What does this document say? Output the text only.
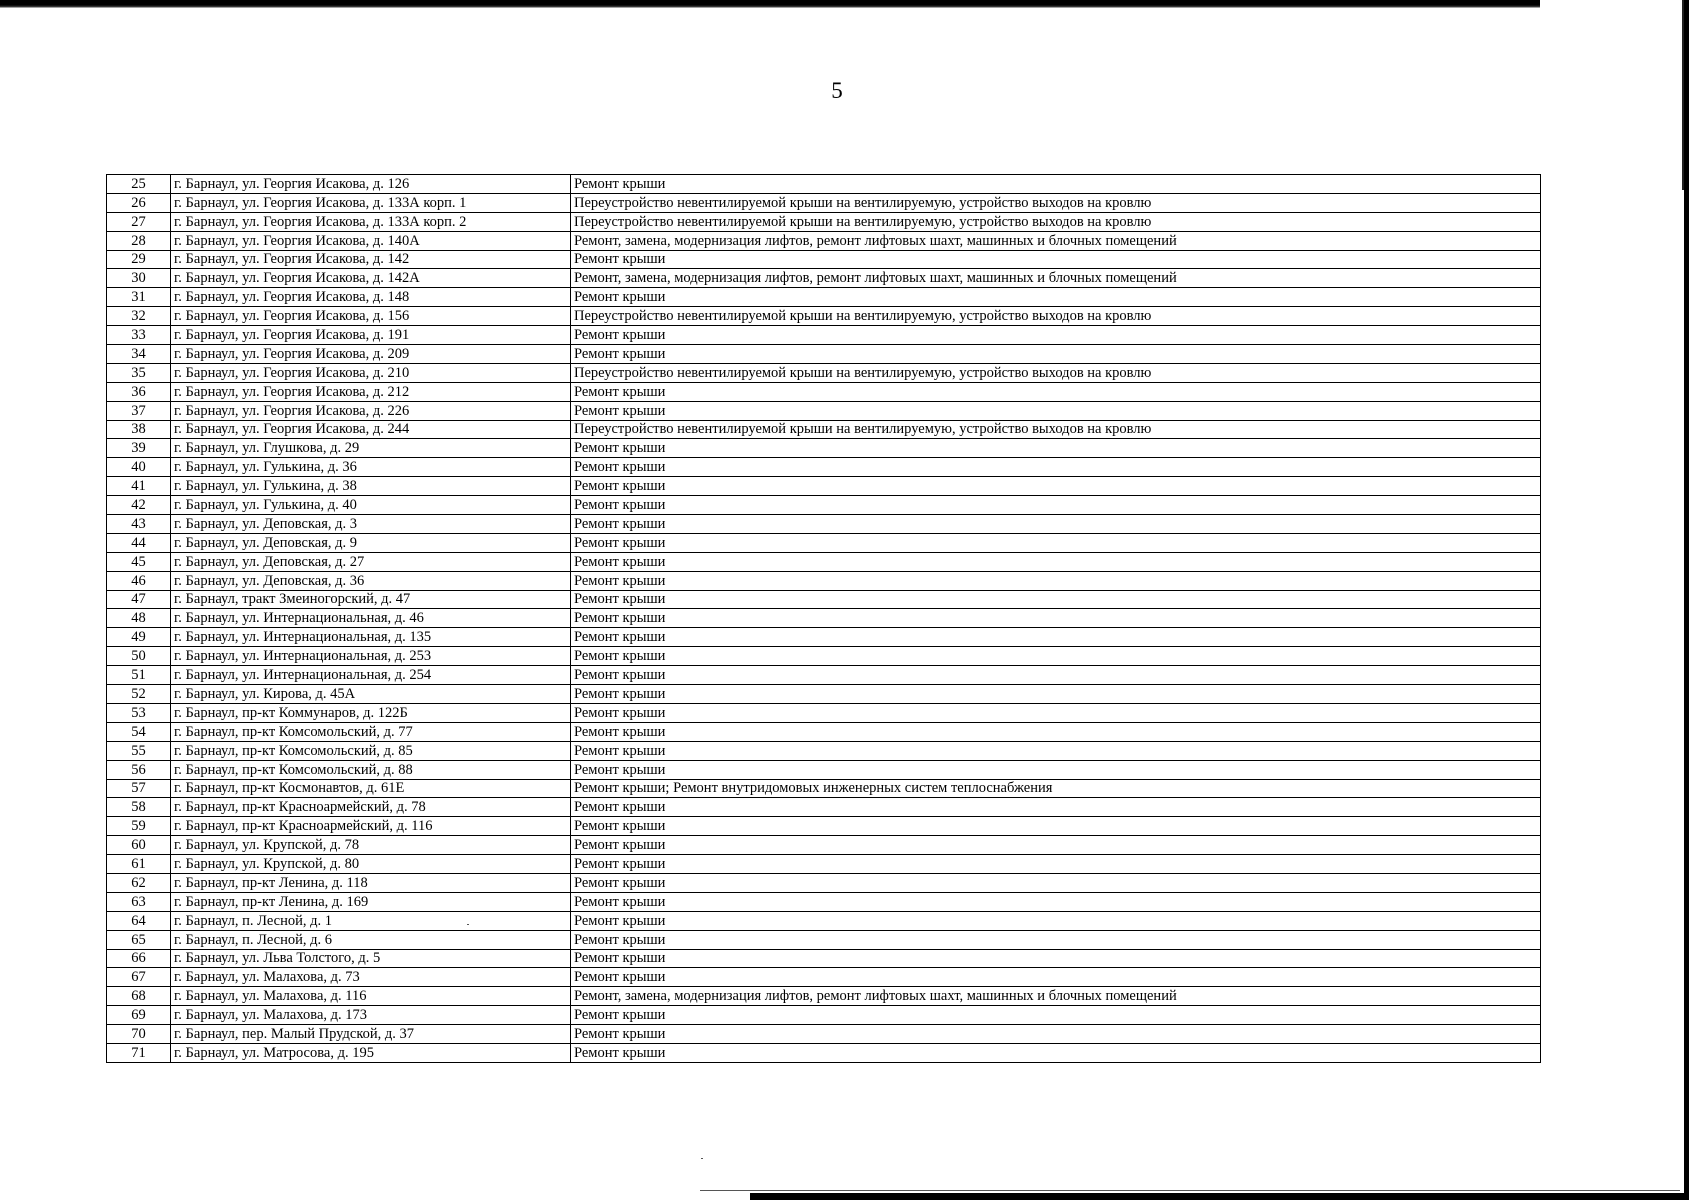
5
25	г. Барнаул, ул. Георгия Исакова, д. 126	Ремонт крыши
26	г. Барнаул, ул. Георгия Исакова, д. 133А корп. 1	Переустройство невентилируемой крыши на вентилируемую, устройство выходов на кровлю
27	г. Барнаул, ул. Георгия Исакова, д. 133А корп. 2	Переустройство невентилируемой крыши на вентилируемую, устройство выходов на кровлю
28	г. Барнаул, ул. Георгия Исакова, д. 140А	Ремонт, замена, модернизация лифтов, ремонт лифтовых шахт, машинных и блочных помещений
29	г. Барнаул, ул. Георгия Исакова, д. 142	Ремонт крыши
30	г. Барнаул, ул. Георгия Исакова, д. 142А	Ремонт, замена, модернизация лифтов, ремонт лифтовых шахт, машинных и блочных помещений
31	г. Барнаул, ул. Георгия Исакова, д. 148	Ремонт крыши
32	г. Барнаул, ул. Георгия Исакова, д. 156	Переустройство невентилируемой крыши на вентилируемую, устройство выходов на кровлю
33	г. Барнаул, ул. Георгия Исакова, д. 191	Ремонт крыши
34	г. Барнаул, ул. Георгия Исакова, д. 209	Ремонт крыши
35	г. Барнаул, ул. Георгия Исакова, д. 210	Переустройство невентилируемой крыши на вентилируемую, устройство выходов на кровлю
36	г. Барнаул, ул. Георгия Исакова, д. 212	Ремонт крыши
37	г. Барнаул, ул. Георгия Исакова, д. 226	Ремонт крыши
38	г. Барнаул, ул. Георгия Исакова, д. 244	Переустройство невентилируемой крыши на вентилируемую, устройство выходов на кровлю
39	г. Барнаул, ул. Глушкова, д. 29	Ремонт крыши
40	г. Барнаул, ул. Гулькина, д. 36	Ремонт крыши
41	г. Барнаул, ул. Гулькина, д. 38	Ремонт крыши
42	г. Барнаул, ул. Гулькина, д. 40	Ремонт крыши
43	г. Барнаул, ул. Деповская, д. 3	Ремонт крыши
44	г. Барнаул, ул. Деповская, д. 9	Ремонт крыши
45	г. Барнаул, ул. Деповская, д. 27	Ремонт крыши
46	г. Барнаул, ул. Деповская, д. 36	Ремонт крыши
47	г. Барнаул, тракт Змеиногорский, д. 47	Ремонт крыши
48	г. Барнаул, ул. Интернациональная, д. 46	Ремонт крыши
49	г. Барнаул, ул. Интернациональная, д. 135	Ремонт крыши
50	г. Барнаул, ул. Интернациональная, д. 253	Ремонт крыши
51	г. Барнаул, ул. Интернациональная, д. 254	Ремонт крыши
52	г. Барнаул, ул. Кирова, д. 45А	Ремонт крыши
53	г. Барнаул, пр-кт Коммунаров, д. 122Б	Ремонт крыши
54	г. Барнаул, пр-кт Комсомольский, д. 77	Ремонт крыши
55	г. Барнаул, пр-кт Комсомольский, д. 85	Ремонт крыши
56	г. Барнаул, пр-кт Комсомольский, д. 88	Ремонт крыши
57	г. Барнаул, пр-кт Космонавтов, д. 61Е	Ремонт крыши; Ремонт внутридомовых инженерных систем теплоснабжения
58	г. Барнаул, пр-кт Красноармейский, д. 78	Ремонт крыши
59	г. Барнаул, пр-кт Красноармейский, д. 116	Ремонт крыши
60	г. Барнаул, ул. Крупской, д. 78	Ремонт крыши
61	г. Барнаул, ул. Крупской, д. 80	Ремонт крыши
62	г. Барнаул, пр-кт Ленина, д. 118	Ремонт крыши
63	г. Барнаул, пр-кт Ленина, д. 169	Ремонт крыши
64	г. Барнаул, п. Лесной, д. 1	Ремонт крыши
65	г. Барнаул, п. Лесной, д. 6	Ремонт крыши
66	г. Барнаул, ул. Льва Толстого, д. 5	Ремонт крыши
67	г. Барнаул, ул. Малахова, д. 73	Ремонт крыши
68	г. Барнаул, ул. Малахова, д. 116	Ремонт, замена, модернизация лифтов, ремонт лифтовых шахт, машинных и блочных помещений
69	г. Барнаул, ул. Малахова, д. 173	Ремонт крыши
70	г. Барнаул, пер. Малый Прудской, д. 37	Ремонт крыши
71	г. Барнаул, ул. Матросова, д. 195	Ремонт крыши
